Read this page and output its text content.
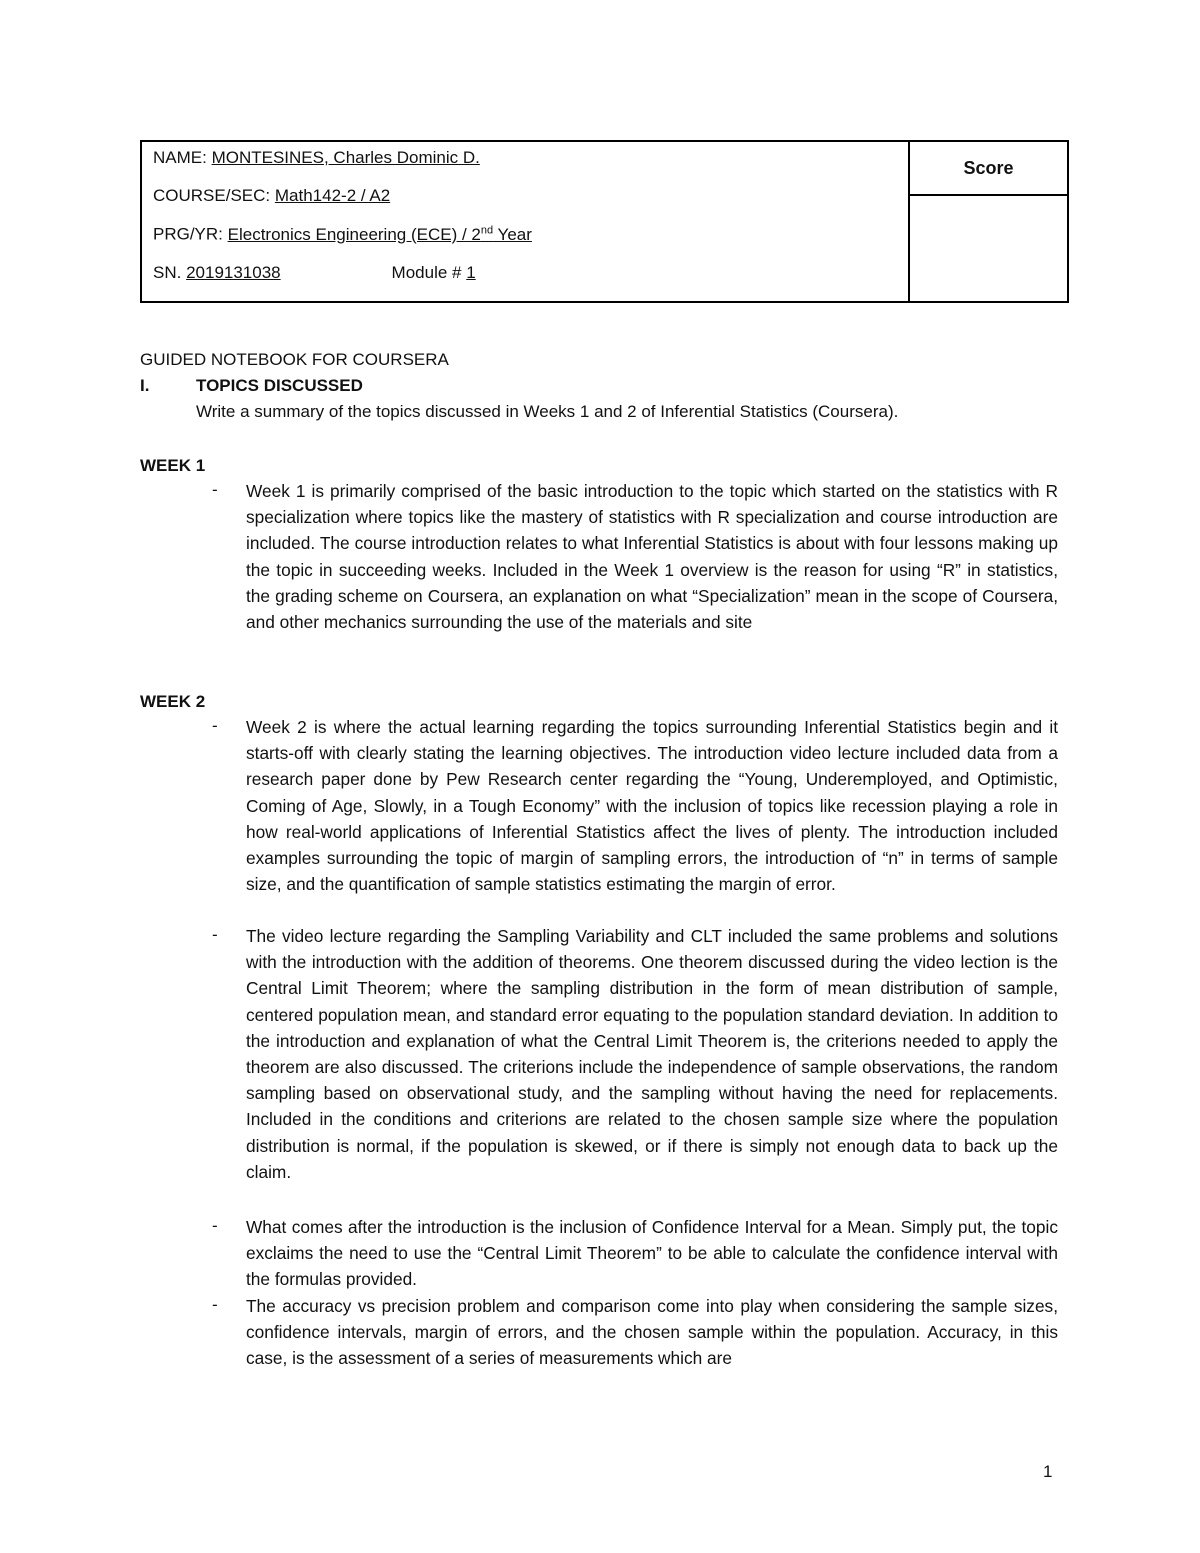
NAME: MONTESINES, Charles Dominic D.
COURSE/SEC: Math142-2 / A2
PRG/YR: Electronics Engineering (ECE) / 2nd Year
SN. 2019131038	Module # 1
Score
GUIDED NOTEBOOK FOR COURSERA
I.	TOPICS DISCUSSED
Write a summary of the topics discussed in Weeks 1 and 2 of Inferential Statistics (Coursera).
WEEK 1
- Week 1 is primarily comprised of the basic introduction to the topic which started on the statistics with R specialization where topics like the mastery of statistics with R specialization and course introduction are included. The course introduction relates to what Inferential Statistics is about with four lessons making up the topic in succeeding weeks. Included in the Week 1 overview is the reason for using “R” in statistics, the grading scheme on Coursera, an explanation on what “Specialization” mean in the scope of Coursera, and other mechanics surrounding the use of the materials and site
WEEK 2
- Week 2 is where the actual learning regarding the topics surrounding Inferential Statistics begin and it starts-off with clearly stating the learning objectives. The introduction video lecture included data from a research paper done by Pew Research center regarding the “Young, Underemployed, and Optimistic, Coming of Age, Slowly, in a Tough Economy” with the inclusion of topics like recession playing a role in how real-world applications of Inferential Statistics affect the lives of plenty. The introduction included examples surrounding the topic of margin of sampling errors, the introduction of “n” in terms of sample size, and the quantification of sample statistics estimating the margin of error.
- The video lecture regarding the Sampling Variability and CLT included the same problems and solutions with the introduction with the addition of theorems. One theorem discussed during the video lection is the Central Limit Theorem; where the sampling distribution in the form of mean distribution of sample, centered population mean, and standard error equating to the population standard deviation. In addition to the introduction and explanation of what the Central Limit Theorem is, the criterions needed to apply the theorem are also discussed. The criterions include the independence of sample observations, the random sampling based on observational study, and the sampling without having the need for replacements. Included in the conditions and criterions are related to the chosen sample size where the population distribution is normal, if the population is skewed, or if there is simply not enough data to back up the claim.
- What comes after the introduction is the inclusion of Confidence Interval for a Mean. Simply put, the topic exclaims the need to use the “Central Limit Theorem” to be able to calculate the confidence interval with the formulas provided.
- The accuracy vs precision problem and comparison come into play when considering the sample sizes, confidence intervals, margin of errors, and the chosen sample within the population. Accuracy, in this case, is the assessment of a series of measurements which are
1
